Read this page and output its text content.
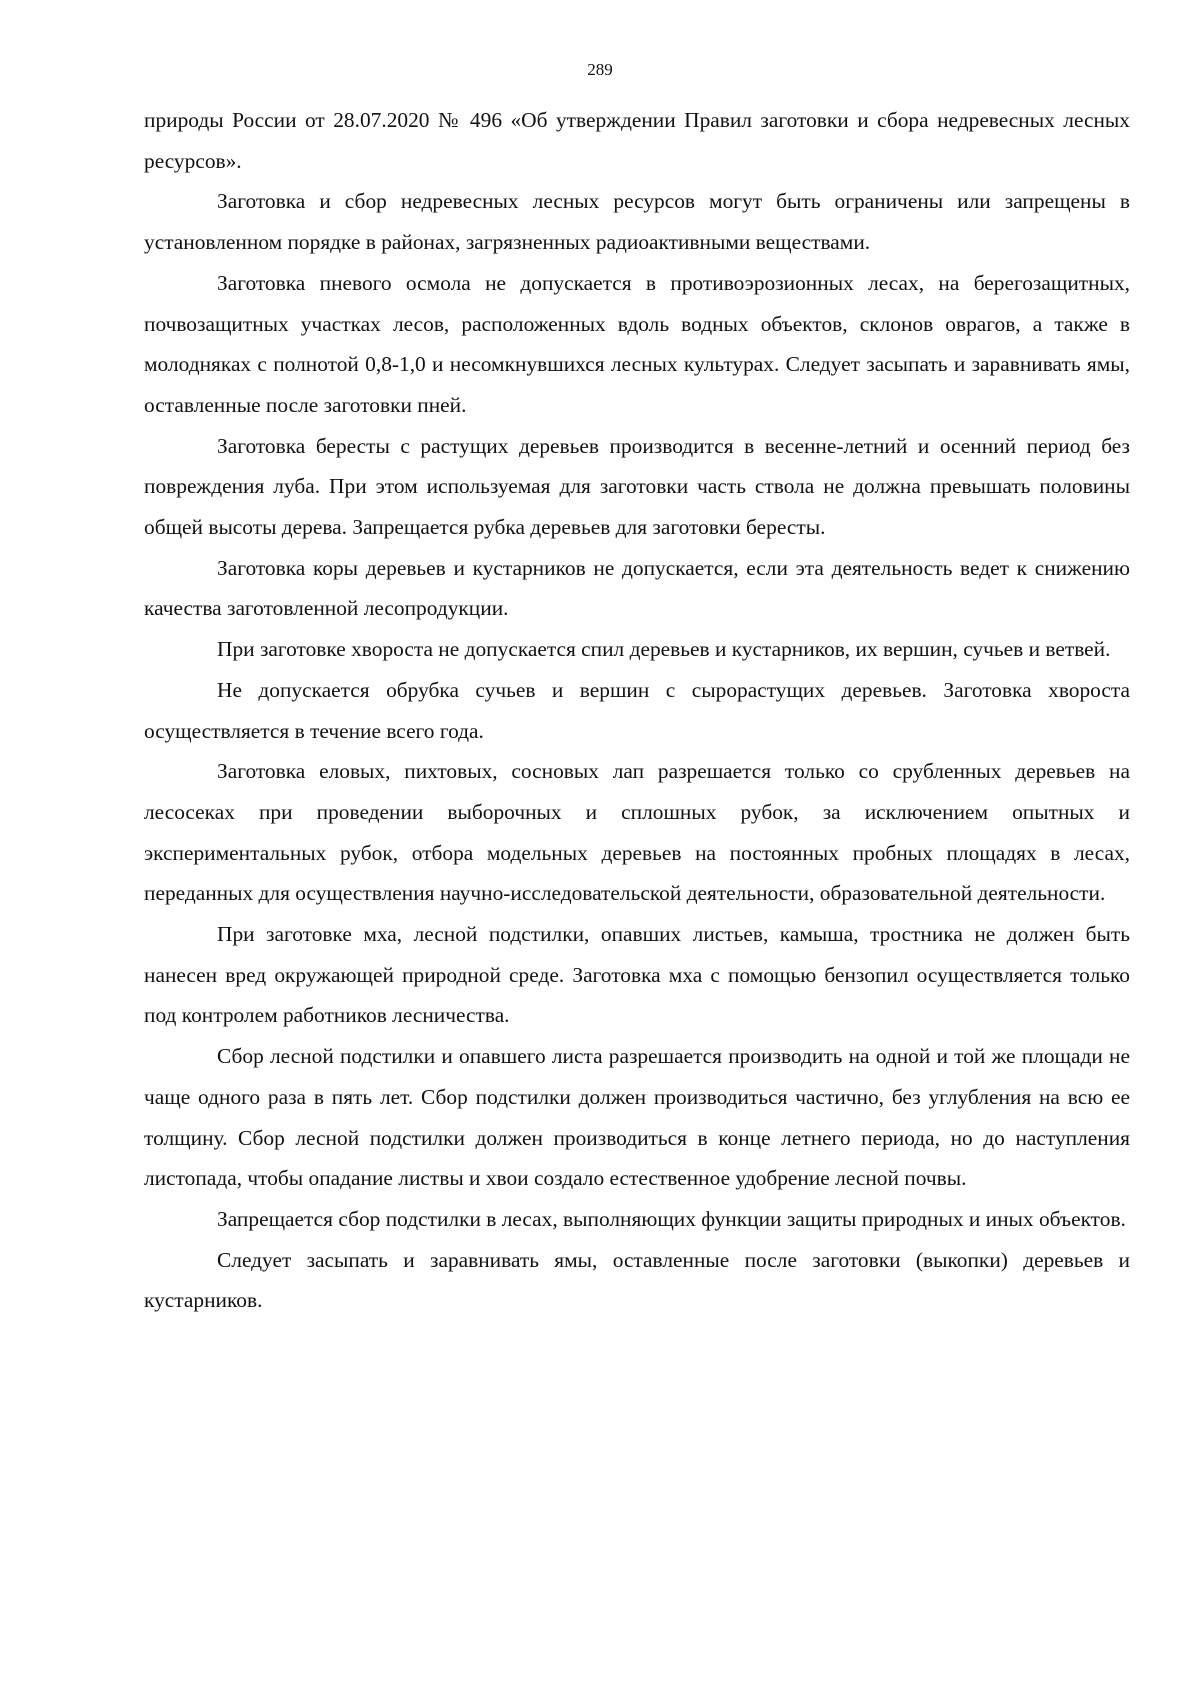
289

природы России от 28.07.2020 № 496 «Об утверждении Правил заготовки и сбора недревесных лесных ресурсов».

Заготовка и сбор недревесных лесных ресурсов могут быть ограничены или запрещены в установленном порядке в районах, загрязненных радиоактивными веществами.

Заготовка пневого осмола не допускается в противоэрозионных лесах, на берегозащитных, почвозащитных участках лесов, расположенных вдоль водных объектов, склонов оврагов, а также в молодняках с полнотой 0,8-1,0 и несомкнувшихся лесных культурах. Следует засыпать и заравнивать ямы, оставленные после заготовки пней.

Заготовка бересты с растущих деревьев производится в весенне-летний и осенний период без повреждения луба. При этом используемая для заготовки часть ствола не должна превышать половины общей высоты дерева. Запрещается рубка деревьев для заготовки бересты.

Заготовка коры деревьев и кустарников не допускается, если эта деятельность ведет к снижению качества заготовленной лесопродукции.

При заготовке хвороста не допускается спил деревьев и кустарников, их вершин, сучьев и ветвей.

Не допускается обрубка сучьев и вершин с сырорастущих деревьев. Заготовка хвороста осуществляется в течение всего года.

Заготовка еловых, пихтовых, сосновых лап разрешается только со срубленных деревьев на лесосеках при проведении выборочных и сплошных рубок, за исключением опытных и экспериментальных рубок, отбора модельных деревьев на постоянных пробных площадях в лесах, переданных для осуществления научно-исследовательской деятельности, образовательной деятельности.

При заготовке мха, лесной подстилки, опавших листьев, камыша, тростника не должен быть нанесен вред окружающей природной среде. Заготовка мха с помощью бензопил осуществляется только под контролем работников лесничества.

Сбор лесной подстилки и опавшего листа разрешается производить на одной и той же площади не чаще одного раза в пять лет. Сбор подстилки должен производиться частично, без углубления на всю ее толщину. Сбор лесной подстилки должен производиться в конце летнего периода, но до наступления листопада, чтобы опадание листвы и хвои создало естественное удобрение лесной почвы.

Запрещается сбор подстилки в лесах, выполняющих функции защиты природных и иных объектов.

Следует засыпать и заравнивать ямы, оставленные после заготовки (выкопки) деревьев и кустарников.
